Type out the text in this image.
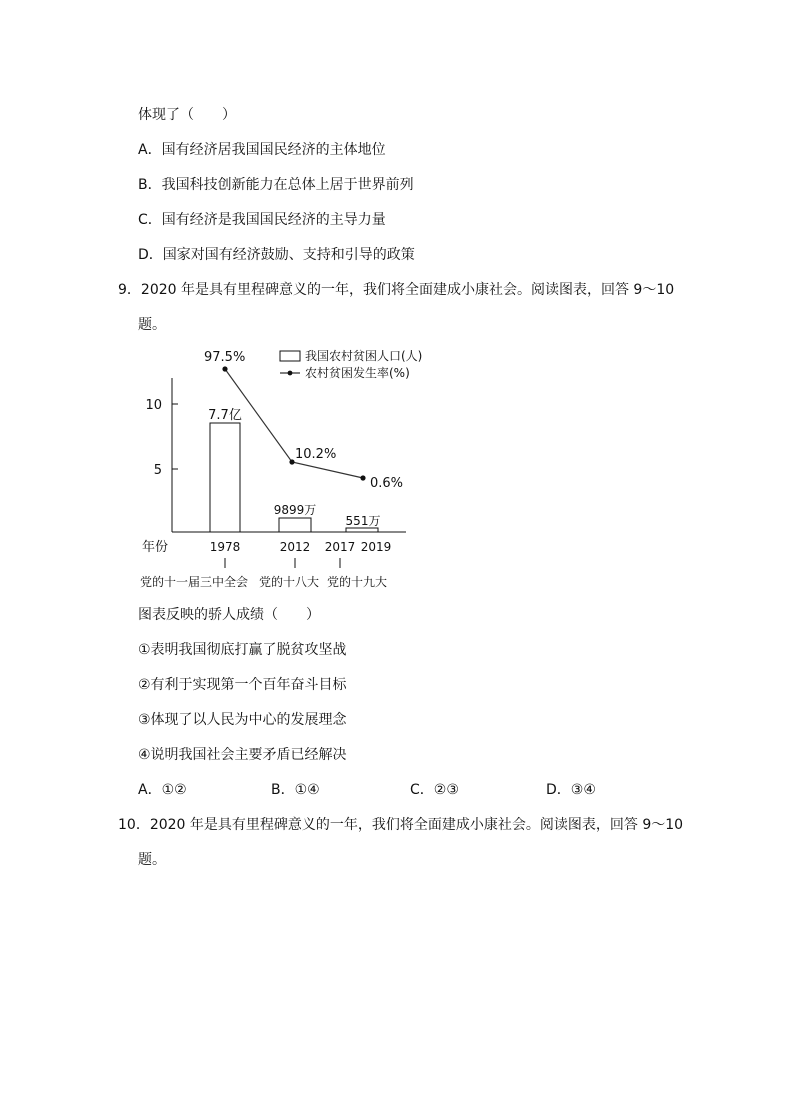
体现了（　　）
A．国有经济居我国国民经济的主体地位
B．我国科技创新能力在总体上居于世界前列
C．国有经济是我国国民经济的主导力量
D．国家对国有经济鼓励、支持和引导的政策
9．2020 年是具有里程碑意义的一年，我们将全面建成小康社会。阅读图表，回答 9～10
题。
10
5
7.7亿
9899万
551万
97.5%
10.2%
0.6%
我国农村贫困人口(人)
农村贫困发生率(%)
年份	1978	2012 2017 2019
党的十一届三中全会 党的十八大 党的十九大
图表反映的骄人成绩（　　）
①表明我国彻底打赢了脱贫攻坚战
②有利于实现第一个百年奋斗目标
③体现了以人民为中心的发展理念
④说明我国社会主要矛盾已经解决
A．①②	B．①④	C．②③	D．③④
10．2020 年是具有里程碑意义的一年，我们将全面建成小康社会。阅读图表，回答 9～10
题。
